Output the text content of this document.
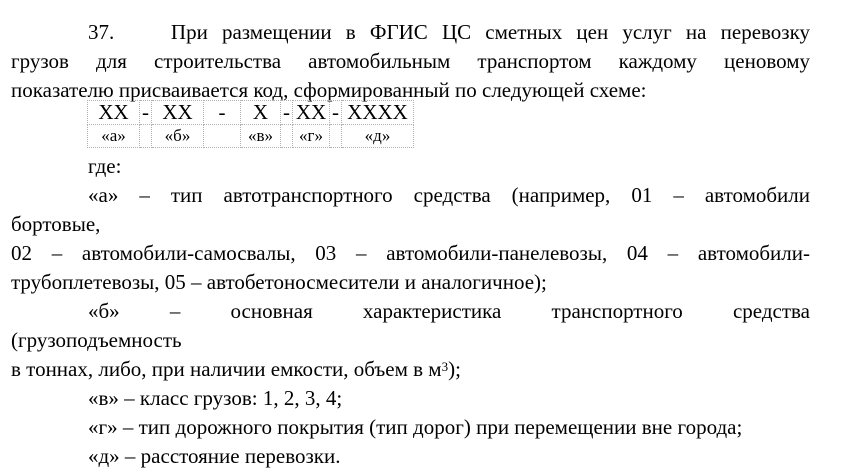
37.	При размещении в ФГИС ЦС сметных цен услуг на перевозку
грузов для строительства автомобильным транспортом каждому ценовому
показателю присваивается код, сформированный по следующей схеме:
XX	-	XX	-	X	-	XX	-	XXXX
«а»		«б»		«в»		«г»		«д»
где:
«а» – тип автотранспортного средства (например, 01 – автомобили
бортовые,
02 – автомобили-самосвалы, 03 – автомобили-панелевозы, 04 – автомобили-
трубоплетевозы, 05 – автобетоносмесители и аналогичное);
«б» – основная характеристика транспортного средства
(грузоподъемность
в тоннах, либо, при наличии емкости, объем в $м^3$);
«в» – класс грузов: 1, 2, 3, 4;
«г» – тип дорожного покрытия (тип дорог) при перемещении вне города;
«д» – расстояние перевозки.
